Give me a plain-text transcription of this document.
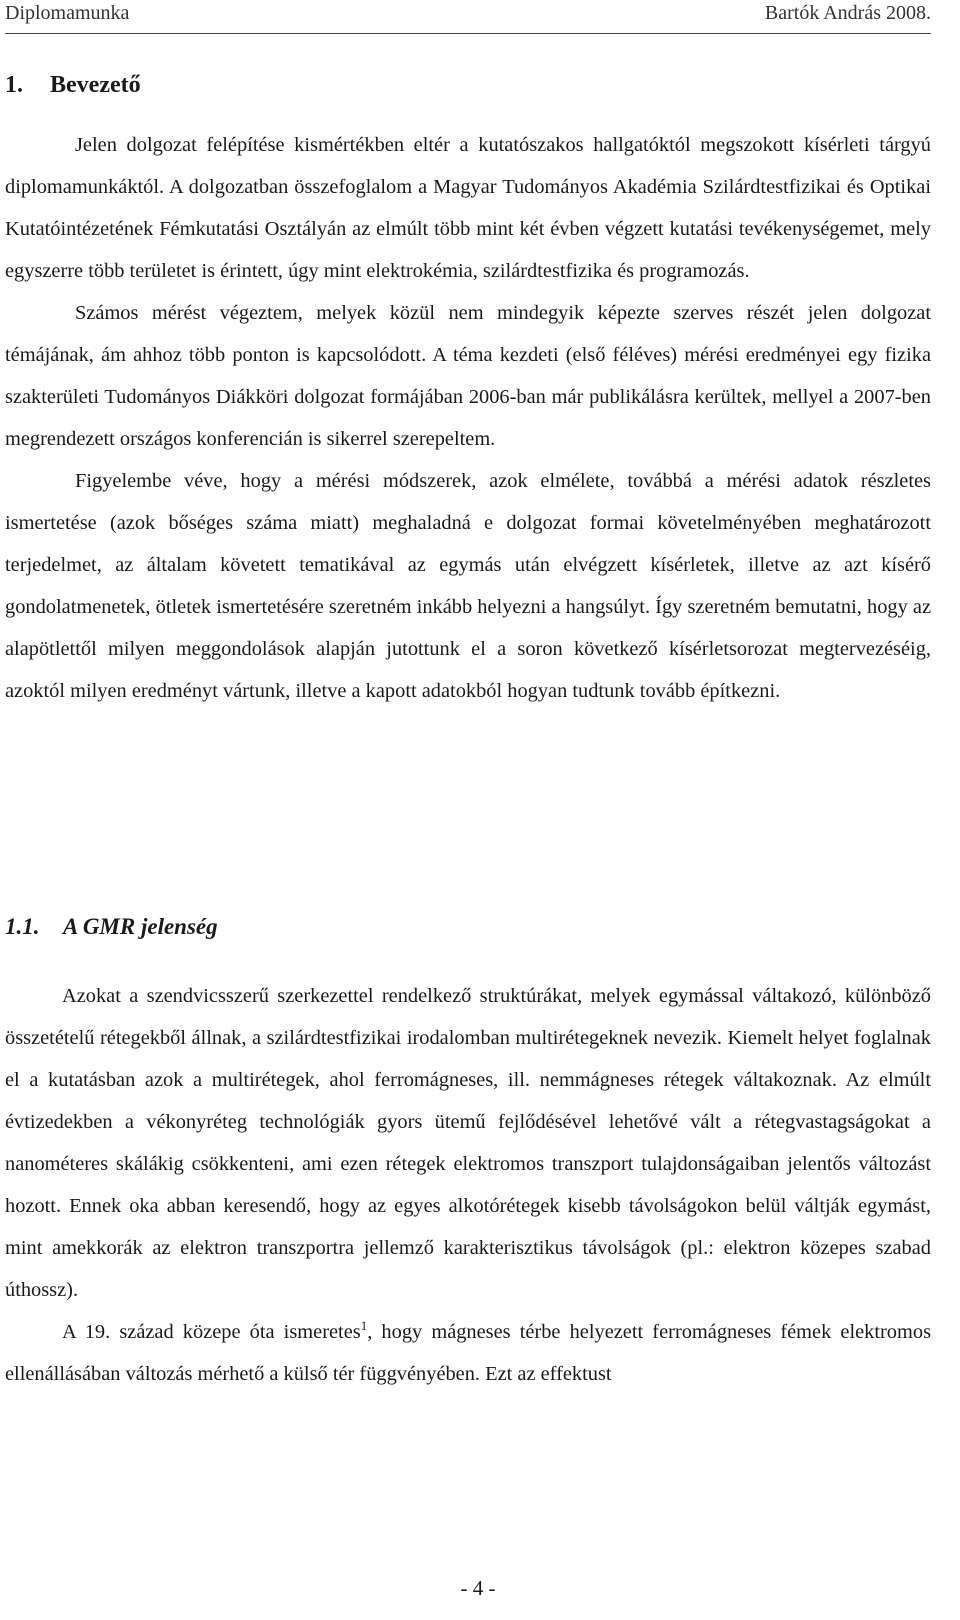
Diplomamunka	Bartók András 2008.
1. Bevezető

Jelen dolgozat felépítése kismértékben eltér a kutatószakos hallgatóktól megszokott kísérleti tárgyú diplomamunkáktól. A dolgozatban összefoglalom a Magyar Tudományos Akadémia Szilárdtestfizikai és Optikai Kutatóintézetének Fémkutatási Osztályán az elmúlt több mint két évben végzett kutatási tevékenységemet, mely egyszerre több területet is érintett, úgy mint elektrokémia, szilárdtestfizika és programozás.

Számos mérést végeztem, melyek közül nem mindegyik képezte szerves részét jelen dolgozat témájának, ám ahhoz több ponton is kapcsolódott. A téma kezdeti (első féléves) mérési eredményei egy fizika szakterületi Tudományos Diákköri dolgozat formájában 2006-ban már publikálásra kerültek, mellyel a 2007-ben megrendezett országos konferencián is sikerrel szerepeltem.

Figyelembe véve, hogy a mérési módszerek, azok elmélete, továbbá a mérési adatok részletes ismertetése (azok bőséges száma miatt) meghaladná e dolgozat formai követelményében meghatározott terjedelmet, az általam követett tematikával az egymás után elvégzett kísérletek, illetve az azt kísérő gondolatmenetek, ötletek ismertetésére szeretném inkább helyezni a hangsúlyt. Így szeretném bemutatni, hogy az alapötlettől milyen meggondolások alapján jutottunk el a soron következő kísérletsorozat megtervezéséig, azoktól milyen eredményt vártunk, illetve a kapott adatokból hogyan tudtunk tovább építkezni.

1.1. A GMR jelenség

Azokat a szendvicsszerű szerkezettel rendelkező struktúrákat, melyek egymással váltakozó, különböző összetételű rétegekből állnak, a szilárdtestfizikai irodalomban multirétegeknek nevezik. Kiemelt helyet foglalnak el a kutatásban azok a multirétegek, ahol ferromágneses, ill. nemmágneses rétegek váltakoznak. Az elmúlt évtizedekben a vékonyréteg technológiák gyors ütemű fejlődésével lehetővé vált a rétegvastagságokat a nanométeres skálákig csökkenteni, ami ezen rétegek elektromos transzport tulajdonságaiban jelentős változást hozott. Ennek oka abban keresendő, hogy az egyes alkotórétegek kisebb távolságokon belül váltják egymást, mint amekkorák az elektron transzportra jellemző karakterisztikus távolságok (pl.: elektron közepes szabad úthossz).

A 19. század közepe óta ismeretes$^1$, hogy mágneses térbe helyezett ferromágneses fémek elektromos ellenállásában változás mérhető a külső tér függvényében. Ezt az effektust

- 4 -
